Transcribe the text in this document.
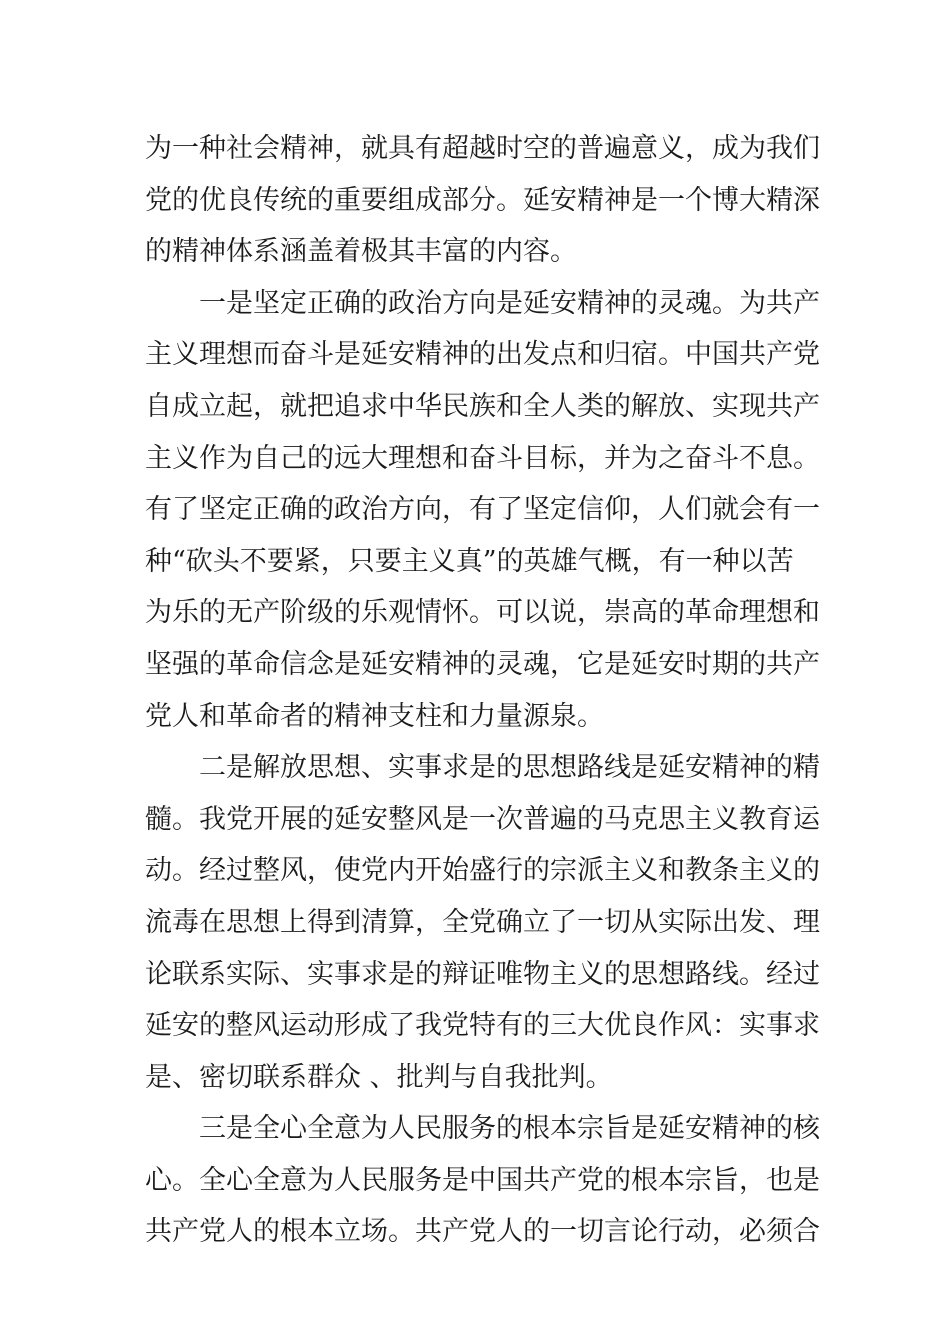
为一种社会精神，就具有超越时空的普遍意义，成为我们
党的优良传统的重要组成部分。延安精神是一个博大精深
的精神体系涵盖着极其丰富的内容。
一是坚定正确的政治方向是延安精神的灵魂。为共产
主义理想而奋斗是延安精神的出发点和归宿。中国共产党
自成立起，就把追求中华民族和全人类的解放、实现共产
主义作为自己的远大理想和奋斗目标，并为之奋斗不息。
有了坚定正确的政治方向，有了坚定信仰，人们就会有一
种“砍头不要紧，只要主义真”的英雄气概，有一种以苦
为乐的无产阶级的乐观情怀。可以说，崇高的革命理想和
坚强的革命信念是延安精神的灵魂，它是延安时期的共产
党人和革命者的精神支柱和力量源泉。
二是解放思想、实事求是的思想路线是延安精神的精
髓。我党开展的延安整风是一次普遍的马克思主义教育运
动。经过整风，使党内开始盛行的宗派主义和教条主义的
流毒在思想上得到清算，全党确立了一切从实际出发、理
论联系实际、实事求是的辩证唯物主义的思想路线。经过
延安的整风运动形成了我党特有的三大优良作风：实事求
是、密切联系群众 、批判与自我批判。
三是全心全意为人民服务的根本宗旨是延安精神的核
心。全心全意为人民服务是中国共产党的根本宗旨，也是
共产党人的根本立场。共产党人的一切言论行动，必须合
